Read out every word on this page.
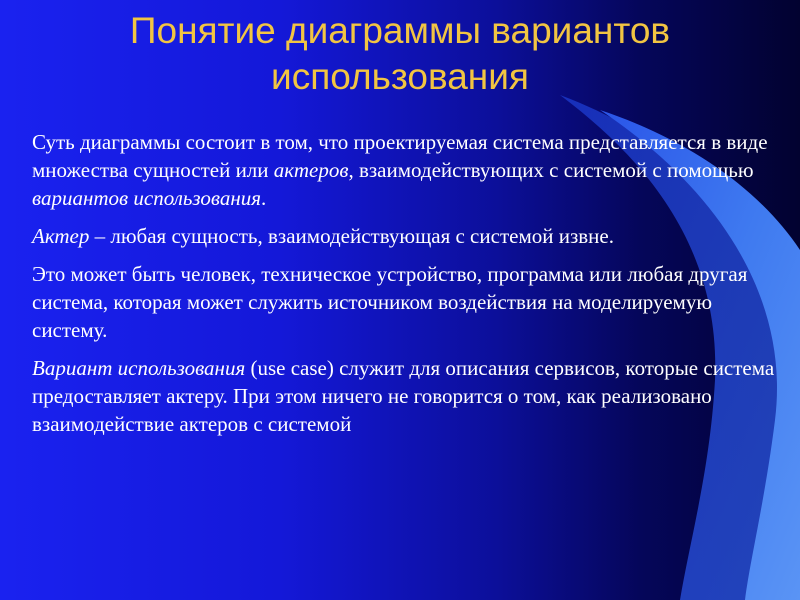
Понятие диаграммы вариантов
использования

Суть диаграммы состоит в том, что проектируемая система представляется в виде множества сущностей или актеров, взаимодействующих с системой с помощью вариантов использования.

Актер – любая сущность, взаимодействующая с системой извне.

Это может быть человек, техническое устройство, программа или любая другая система, которая может служить источником воздействия на моделируемую систему.

Вариант использования (use case) служит для описания сервисов, которые система предоставляет актеру. При этом ничего не говорится о том, как реализовано взаимодействие актеров с системой
